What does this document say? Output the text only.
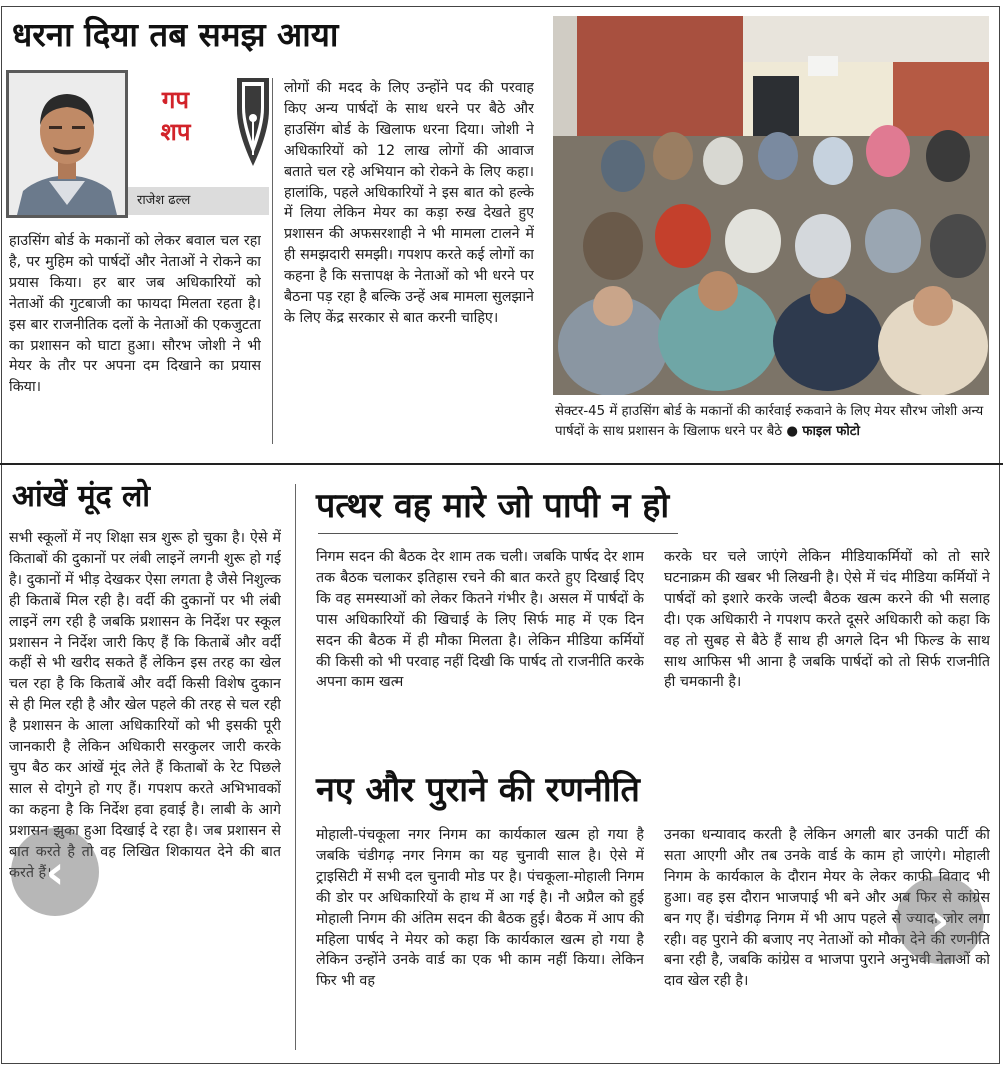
धरना दिया तब समझ आया
गप
शप
राजेश ढल्ल

हाउसिंग बोर्ड के मकानों को लेकर बवाल चल रहा है, पर मुहिम को पार्षदों और नेताओं ने रोकने का प्रयास किया। हर बार जब अधिकारियों को नेताओं की गुटबाजी का फायदा मिलता रहता है। इस बार राजनीतिक दलों के नेताओं की एकजुटता का प्रशासन को घाटा हुआ। सौरभ जोशी ने भी मेयर के तौर पर अपना दम दिखाने का प्रयास किया।

लोगों की मदद के लिए उन्होंने पद की परवाह किए अन्य पार्षदों के साथ धरने पर बैठे और हाउसिंग बोर्ड के खिलाफ धरना दिया। जोशी ने अधिकारियों को 12 लाख लोगों की आवाज बताते चल रहे अभियान को रोकने के लिए कहा। हालांकि, पहले अधिकारियों ने इस बात को हल्के में लिया लेकिन मेयर का कड़ा रुख देखते हुए प्रशासन की अफसरशाही ने भी मामला टालने में ही समझदारी समझी। गपशप करते कई लोगों का कहना है कि सत्तापक्ष के नेताओं को भी धरने पर बैठना पड़ रहा है बल्कि उन्हें अब मामला सुलझाने के लिए केंद्र सरकार से बात करनी चाहिए।

सेक्टर-45 में हाउसिंग बोर्ड के मकानों की कार्रवाई रुकवाने के लिए मेयर सौरभ जोशी अन्य पार्षदों के साथ प्रशासन के खिलाफ धरने पर बैठे ● फाइल फोटो

आंखें मूंद लो

सभी स्कूलों में नए शिक्षा सत्र शुरू हो चुका है। ऐसे में किताबों की दुकानों पर लंबी लाइनें लगनी शुरू हो गई है। दुकानों में भीड़ देखकर ऐसा लगता है जैसे निशुल्क ही किताबें मिल रही है। वर्दी की दुकानों पर भी लंबी लाइनें लग रही है जबकि प्रशासन के निर्देश पर स्कूल प्रशासन ने निर्देश जारी किए हैं कि किताबें और वर्दी कहीं से भी खरीद सकते हैं लेकिन इस तरह का खेल चल रहा है कि किताबें और वर्दी किसी विशेष दुकान से ही मिल रही है और खेल पहले की तरह से चल रही है प्रशासन के आला अधिकारियों को भी इसकी पूरी जानकारी है लेकिन अधिकारी सरकुलर जारी करके चुप बैठ कर आंखें मूंद लेते हैं किताबों के रेट पिछले साल से दोगुने हो गए हैं। गपशप करते अभिभावकों का कहना है कि निर्देश हवा हवाई है। लाबी के आगे प्रशासन झुका हुआ दिखाई दे रहा है। जब प्रशासन से बात करते है तो वह लिखित शिकायत देने की बात करते हैं।

पत्थर वह मारे जो पापी न हो

निगम सदन की बैठक देर शाम तक चली। जबकि पार्षद देर शाम तक बैठक चलाकर इतिहास रचने की बात करते हुए दिखाई दिए कि वह समस्याओं को लेकर कितने गंभीर है। असल में पार्षदों के पास अधिकारियों की खिचाई के लिए सिर्फ माह में एक दिन सदन की बैठक में ही मौका मिलता है। लेकिन मीडिया कर्मियों की किसी को भी परवाह नहीं दिखी कि पार्षद तो राजनीति करके अपना काम खत्म

करके घर चले जाएंगे लेकिन मीडियाकर्मियों को तो सारे घटनाक्रम की खबर भी लिखनी है। ऐसे में चंद मीडिया कर्मियों ने पार्षदों को इशारे करके जल्दी बैठक खत्म करने की भी सलाह दी। एक अधिकारी ने गपशप करते दूसरे अधिकारी को कहा कि वह तो सुबह से बैठे हैं साथ ही अगले दिन भी फिल्ड के साथ साथ आफिस भी आना है जबकि पार्षदों को तो सिर्फ राजनीति ही चमकानी है।

नए और पुराने की रणनीति

मोहाली-पंचकूला नगर निगम का कार्यकाल खत्म हो गया है जबकि चंडीगढ़ नगर निगम का यह चुनावी साल है। ऐसे में ट्राइसिटी में सभी दल चुनावी मोड पर है। पंचकूला-मोहाली निगम की डोर पर अधिकारियों के हाथ में आ गई है। नौ अप्रैल को हुई मोहाली निगम की अंतिम सदन की बैठक हुई। बैठक में आप की महिला पार्षद ने मेयर को कहा कि कार्यकाल खत्म हो गया है लेकिन उन्होंने उनके वार्ड का एक भी काम नहीं किया। लेकिन फिर भी वह

उनका धन्यावाद करती है लेकिन अगली बार उनकी पार्टी की सता आएगी और तब उनके वार्ड के काम हो जाएंगे। मोहाली निगम के कार्यकाल के दौरान मेयर के लेकर काफी विवाद भी हुआ। वह इस दौरान भाजपाई भी बने और अब फिर से कांग्रेस बन गए हैं। चंडीगढ़ निगम में भी आप पहले से ज्यादा जोर लगा रही। वह पुराने की बजाए नए नेताओं को मौका देने की रणनीति बना रही है, जबकि कांग्रेस व भाजपा पुराने अनुभवी नेताओं को दाव खेल रही है।

‹
›
